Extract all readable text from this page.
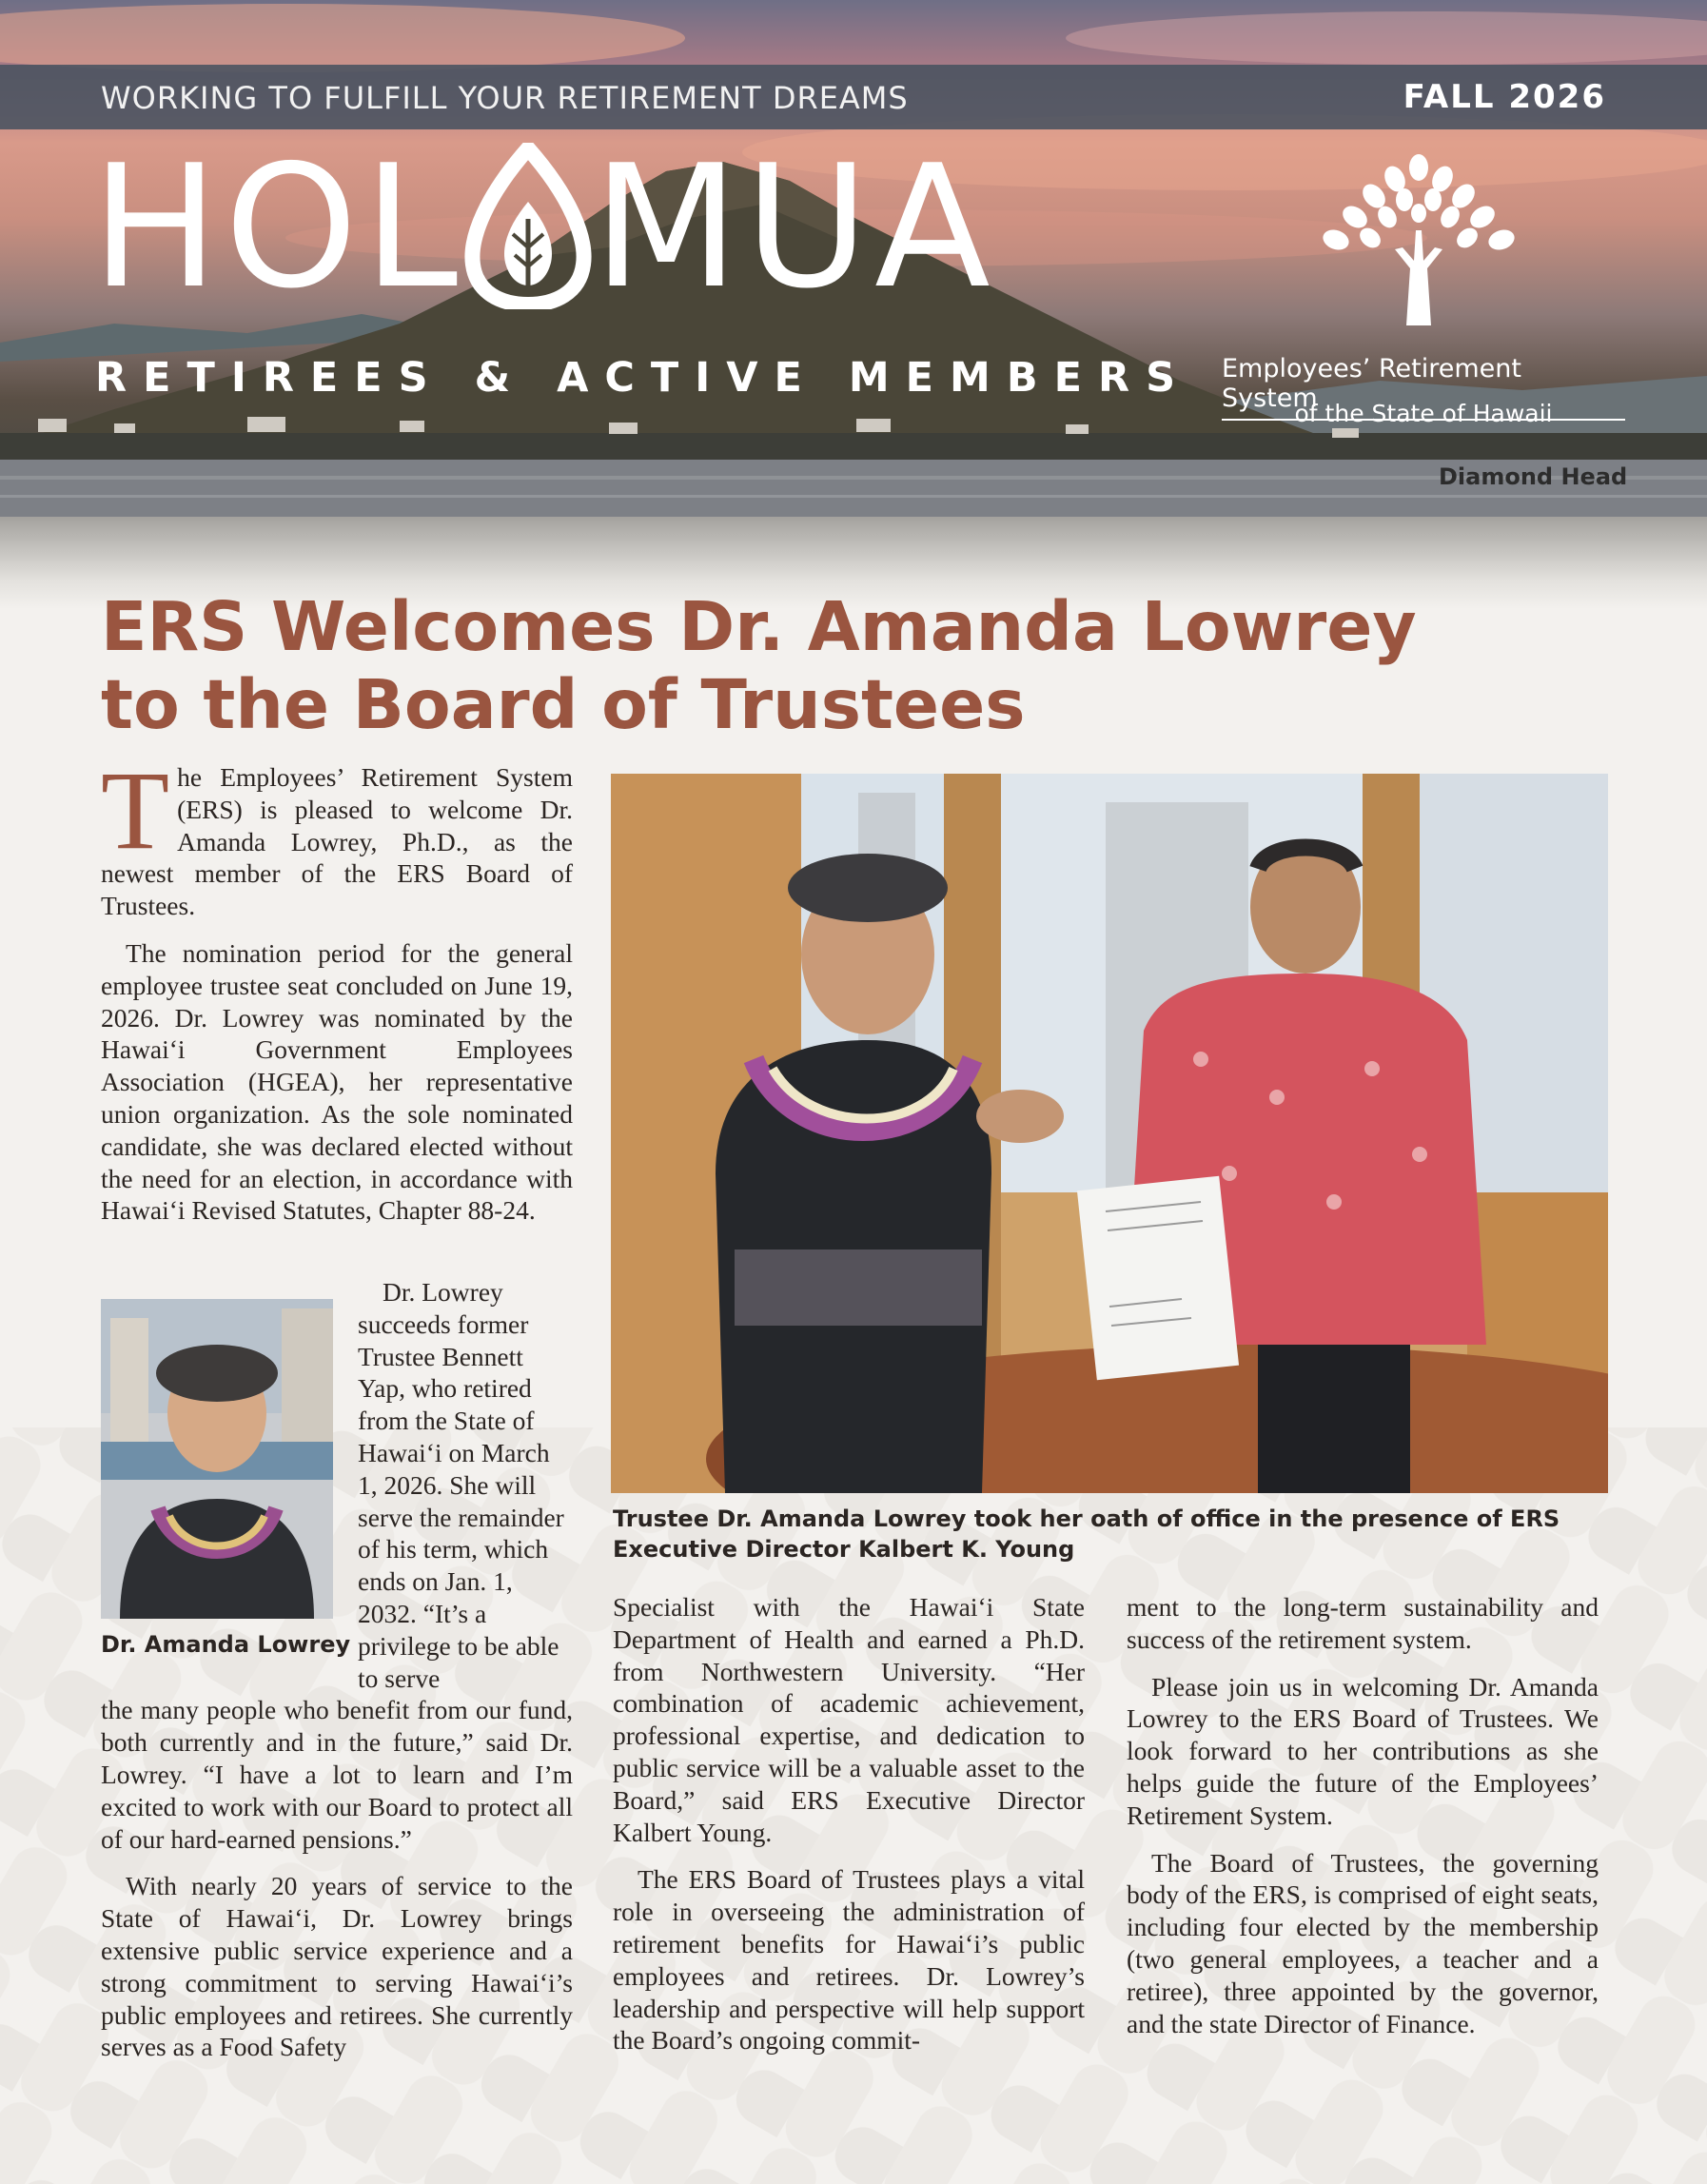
WORKING TO FULFILL YOUR RETIREMENT DREAMS	FALL 2026
HOL MUA
RETIREES & ACTIVE MEMBERS Employees’ Retirement System
of the State of Hawaii
Diamond Head
ERS Welcomes Dr. Amanda Lowrey
to the Board of Trustees

The Employees’ Retirement System (ERS) is pleased to welcome Dr. Amanda Lowrey, Ph.D., as the newest member of the ERS Board of Trustees.

The nomination period for the general employee trustee seat concluded on June 19, 2026. Dr. Lowrey was nominated by the Hawai‘i Government Employees Association (HGEA), her representative union organization. As the sole nominated candidate, she was declared elected without the need for an election, in accordance with Hawai‘i Revised Statutes, Chapter 88-24.

Dr. Lowrey succeeds former Trustee Bennett Yap, who retired from the State of Hawai‘i on March 1, 2026. She will serve the remainder of his term, which ends on Jan. 1, 2032. “It’s a privilege to be able to serve

the many people who benefit from our fund, both currently and in the future,” said Dr. Lowrey. “I have a lot to learn and I’m excited to work with our Board to protect all of our hard-earned pensions.”

With nearly 20 years of service to the State of Hawai‘i, Dr. Lowrey brings extensive public service experience and a strong commitment to serving Hawai‘i’s public employees and retirees. She currently serves as a Food Safety

Dr. Amanda Lowrey
Trustee Dr. Amanda Lowrey took her oath of office in the presence of ERS Executive Director Kalbert K. Young

Specialist with the Hawai‘i State Department of Health and earned a Ph.D. from Northwestern University. “Her combination of academic achievement, professional expertise, and dedication to public service will be a valuable asset to the Board,” said ERS Executive Director Kalbert Young.

The ERS Board of Trustees plays a vital role in overseeing the administration of retirement benefits for Hawai‘i’s public employees and retirees. Dr. Lowrey’s leadership and perspective will help support the Board’s ongoing commit-

ment to the long-term sustainability and success of the retirement system.

Please join us in welcoming Dr. Amanda Lowrey to the ERS Board of Trustees. We look forward to her contributions as she helps guide the future of the Employees’ Retirement System.

The Board of Trustees, the governing body of the ERS, is comprised of eight seats, including four elected by the membership (two general employees, a teacher and a retiree), three appointed by the governor, and the state Director of Finance.
